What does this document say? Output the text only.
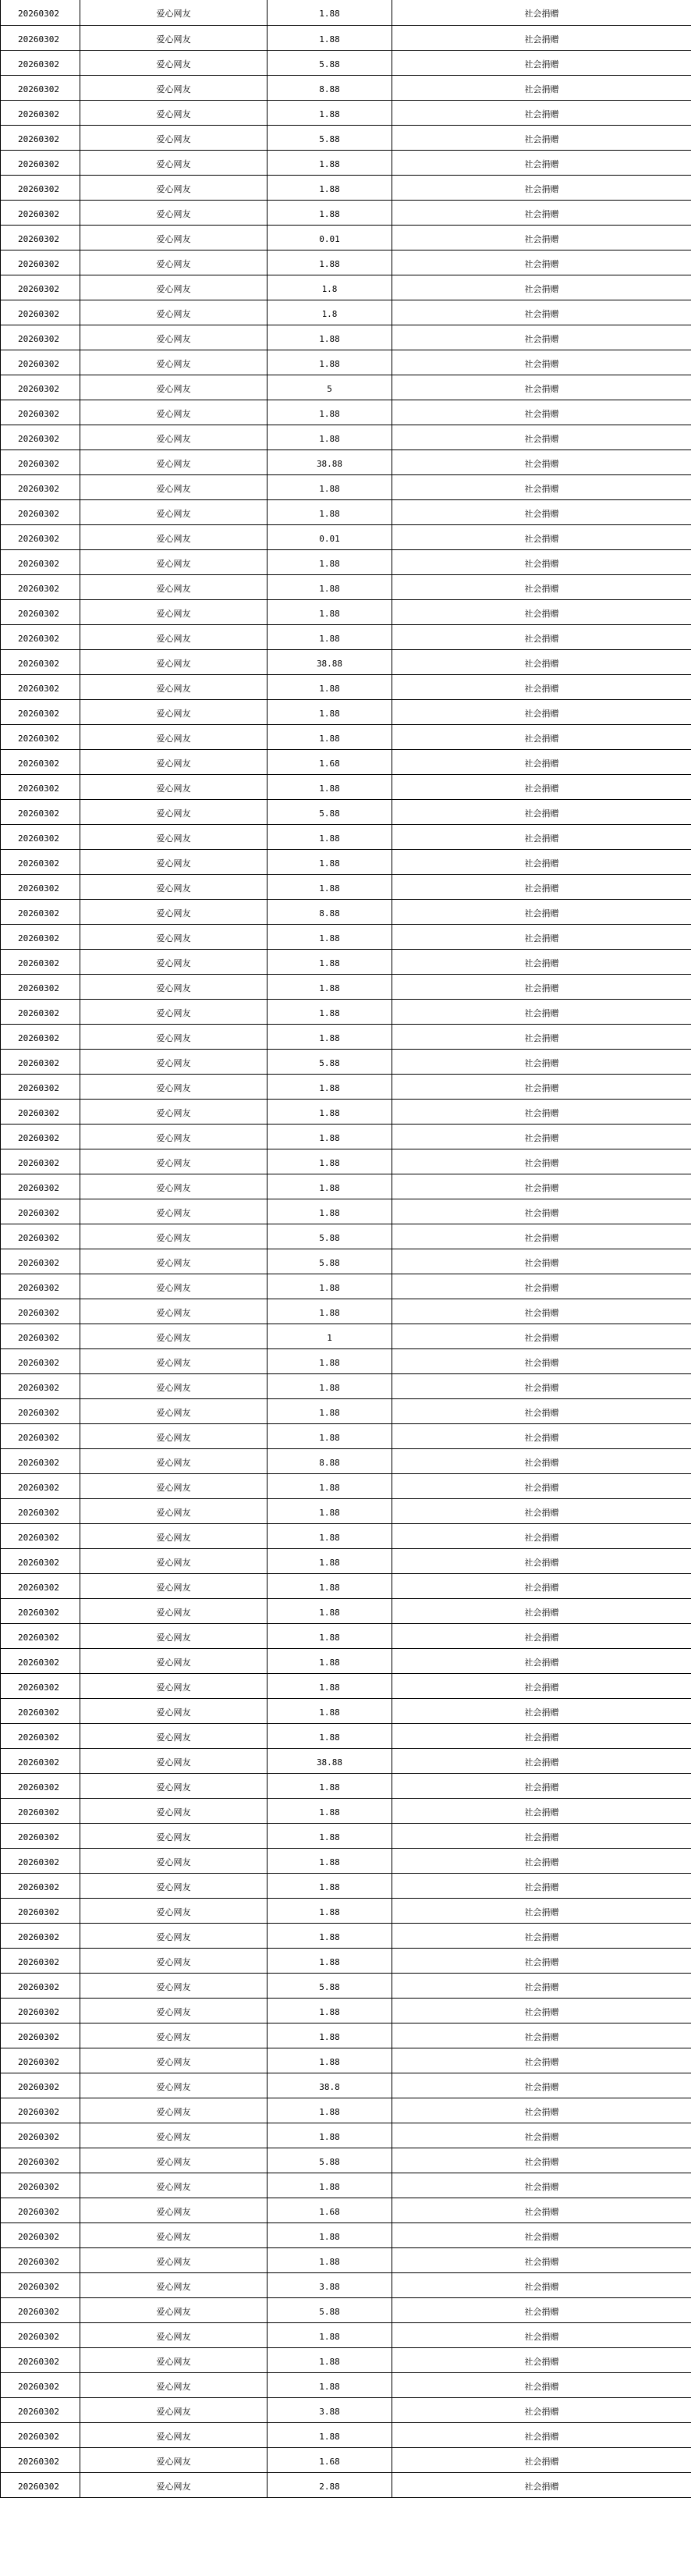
20260302	爱心网友	1.88	社会捐赠
20260302	爱心网友	1.88	社会捐赠
20260302	爱心网友	5.88	社会捐赠
20260302	爱心网友	8.88	社会捐赠
20260302	爱心网友	1.88	社会捐赠
20260302	爱心网友	5.88	社会捐赠
20260302	爱心网友	1.88	社会捐赠
20260302	爱心网友	1.88	社会捐赠
20260302	爱心网友	1.88	社会捐赠
20260302	爱心网友	0.01	社会捐赠
20260302	爱心网友	1.88	社会捐赠
20260302	爱心网友	1.8	社会捐赠
20260302	爱心网友	1.8	社会捐赠
20260302	爱心网友	1.88	社会捐赠
20260302	爱心网友	1.88	社会捐赠
20260302	爱心网友	5	社会捐赠
20260302	爱心网友	1.88	社会捐赠
20260302	爱心网友	1.88	社会捐赠
20260302	爱心网友	38.88	社会捐赠
20260302	爱心网友	1.88	社会捐赠
20260302	爱心网友	1.88	社会捐赠
20260302	爱心网友	0.01	社会捐赠
20260302	爱心网友	1.88	社会捐赠
20260302	爱心网友	1.88	社会捐赠
20260302	爱心网友	1.88	社会捐赠
20260302	爱心网友	1.88	社会捐赠
20260302	爱心网友	38.88	社会捐赠
20260302	爱心网友	1.88	社会捐赠
20260302	爱心网友	1.88	社会捐赠
20260302	爱心网友	1.88	社会捐赠
20260302	爱心网友	1.68	社会捐赠
20260302	爱心网友	1.88	社会捐赠
20260302	爱心网友	5.88	社会捐赠
20260302	爱心网友	1.88	社会捐赠
20260302	爱心网友	1.88	社会捐赠
20260302	爱心网友	1.88	社会捐赠
20260302	爱心网友	8.88	社会捐赠
20260302	爱心网友	1.88	社会捐赠
20260302	爱心网友	1.88	社会捐赠
20260302	爱心网友	1.88	社会捐赠
20260302	爱心网友	1.88	社会捐赠
20260302	爱心网友	1.88	社会捐赠
20260302	爱心网友	5.88	社会捐赠
20260302	爱心网友	1.88	社会捐赠
20260302	爱心网友	1.88	社会捐赠
20260302	爱心网友	1.88	社会捐赠
20260302	爱心网友	1.88	社会捐赠
20260302	爱心网友	1.88	社会捐赠
20260302	爱心网友	1.88	社会捐赠
20260302	爱心网友	5.88	社会捐赠
20260302	爱心网友	5.88	社会捐赠
20260302	爱心网友	1.88	社会捐赠
20260302	爱心网友	1.88	社会捐赠
20260302	爱心网友	1	社会捐赠
20260302	爱心网友	1.88	社会捐赠
20260302	爱心网友	1.88	社会捐赠
20260302	爱心网友	1.88	社会捐赠
20260302	爱心网友	1.88	社会捐赠
20260302	爱心网友	8.88	社会捐赠
20260302	爱心网友	1.88	社会捐赠
20260302	爱心网友	1.88	社会捐赠
20260302	爱心网友	1.88	社会捐赠
20260302	爱心网友	1.88	社会捐赠
20260302	爱心网友	1.88	社会捐赠
20260302	爱心网友	1.88	社会捐赠
20260302	爱心网友	1.88	社会捐赠
20260302	爱心网友	1.88	社会捐赠
20260302	爱心网友	1.88	社会捐赠
20260302	爱心网友	1.88	社会捐赠
20260302	爱心网友	1.88	社会捐赠
20260302	爱心网友	38.88	社会捐赠
20260302	爱心网友	1.88	社会捐赠
20260302	爱心网友	1.88	社会捐赠
20260302	爱心网友	1.88	社会捐赠
20260302	爱心网友	1.88	社会捐赠
20260302	爱心网友	1.88	社会捐赠
20260302	爱心网友	1.88	社会捐赠
20260302	爱心网友	1.88	社会捐赠
20260302	爱心网友	1.88	社会捐赠
20260302	爱心网友	5.88	社会捐赠
20260302	爱心网友	1.88	社会捐赠
20260302	爱心网友	1.88	社会捐赠
20260302	爱心网友	1.88	社会捐赠
20260302	爱心网友	38.8	社会捐赠
20260302	爱心网友	1.88	社会捐赠
20260302	爱心网友	1.88	社会捐赠
20260302	爱心网友	5.88	社会捐赠
20260302	爱心网友	1.88	社会捐赠
20260302	爱心网友	1.68	社会捐赠
20260302	爱心网友	1.88	社会捐赠
20260302	爱心网友	1.88	社会捐赠
20260302	爱心网友	3.88	社会捐赠
20260302	爱心网友	5.88	社会捐赠
20260302	爱心网友	1.88	社会捐赠
20260302	爱心网友	1.88	社会捐赠
20260302	爱心网友	1.88	社会捐赠
20260302	爱心网友	3.88	社会捐赠
20260302	爱心网友	1.88	社会捐赠
20260302	爱心网友	1.68	社会捐赠
20260302	爱心网友	2.88	社会捐赠
